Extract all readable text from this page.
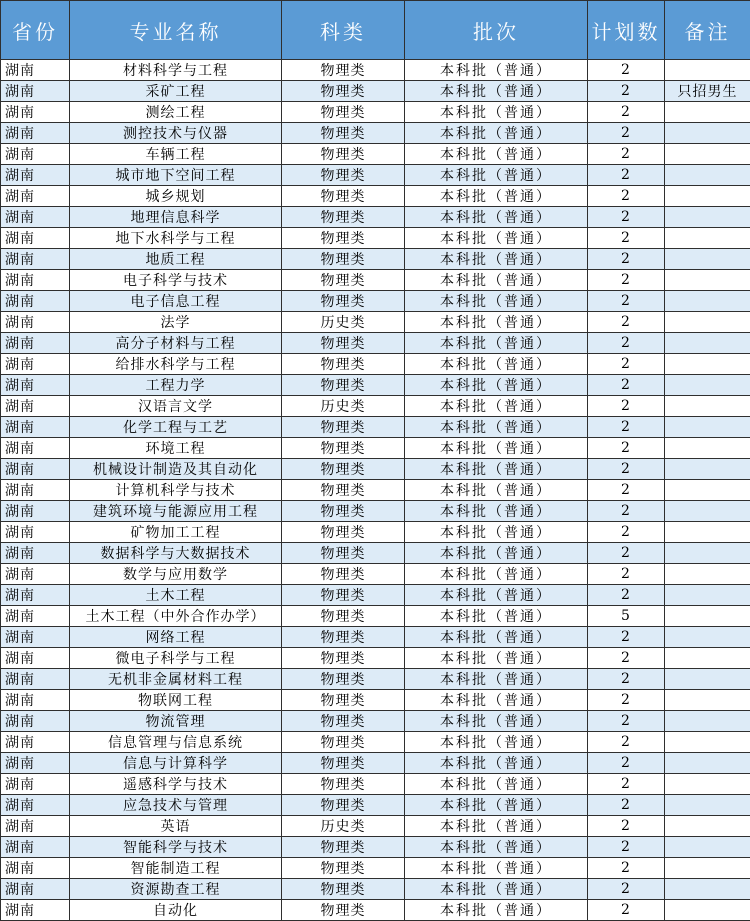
省份	专业名称	科类	批次	计划数	备注
湖南	材料科学与工程	物理类	本科批（普通）	2	
湖南	采矿工程	物理类	本科批（普通）	2	只招男生
湖南	测绘工程	物理类	本科批（普通）	2	
湖南	测控技术与仪器	物理类	本科批（普通）	2	
湖南	车辆工程	物理类	本科批（普通）	2	
湖南	城市地下空间工程	物理类	本科批（普通）	2	
湖南	城乡规划	物理类	本科批（普通）	2	
湖南	地理信息科学	物理类	本科批（普通）	2	
湖南	地下水科学与工程	物理类	本科批（普通）	2	
湖南	地质工程	物理类	本科批（普通）	2	
湖南	电子科学与技术	物理类	本科批（普通）	2	
湖南	电子信息工程	物理类	本科批（普通）	2	
湖南	法学	历史类	本科批（普通）	2	
湖南	高分子材料与工程	物理类	本科批（普通）	2	
湖南	给排水科学与工程	物理类	本科批（普通）	2	
湖南	工程力学	物理类	本科批（普通）	2	
湖南	汉语言文学	历史类	本科批（普通）	2	
湖南	化学工程与工艺	物理类	本科批（普通）	2	
湖南	环境工程	物理类	本科批（普通）	2	
湖南	机械设计制造及其自动化	物理类	本科批（普通）	2	
湖南	计算机科学与技术	物理类	本科批（普通）	2	
湖南	建筑环境与能源应用工程	物理类	本科批（普通）	2	
湖南	矿物加工工程	物理类	本科批（普通）	2	
湖南	数据科学与大数据技术	物理类	本科批（普通）	2	
湖南	数学与应用数学	物理类	本科批（普通）	2	
湖南	土木工程	物理类	本科批（普通）	2	
湖南	土木工程（中外合作办学）	物理类	本科批（普通）	5	
湖南	网络工程	物理类	本科批（普通）	2	
湖南	微电子科学与工程	物理类	本科批（普通）	2	
湖南	无机非金属材料工程	物理类	本科批（普通）	2	
湖南	物联网工程	物理类	本科批（普通）	2	
湖南	物流管理	物理类	本科批（普通）	2	
湖南	信息管理与信息系统	物理类	本科批（普通）	2	
湖南	信息与计算科学	物理类	本科批（普通）	2	
湖南	遥感科学与技术	物理类	本科批（普通）	2	
湖南	应急技术与管理	物理类	本科批（普通）	2	
湖南	英语	历史类	本科批（普通）	2	
湖南	智能科学与技术	物理类	本科批（普通）	2	
湖南	智能制造工程	物理类	本科批（普通）	2	
湖南	资源勘查工程	物理类	本科批（普通）	2	
湖南	自动化	物理类	本科批（普通）	2	
